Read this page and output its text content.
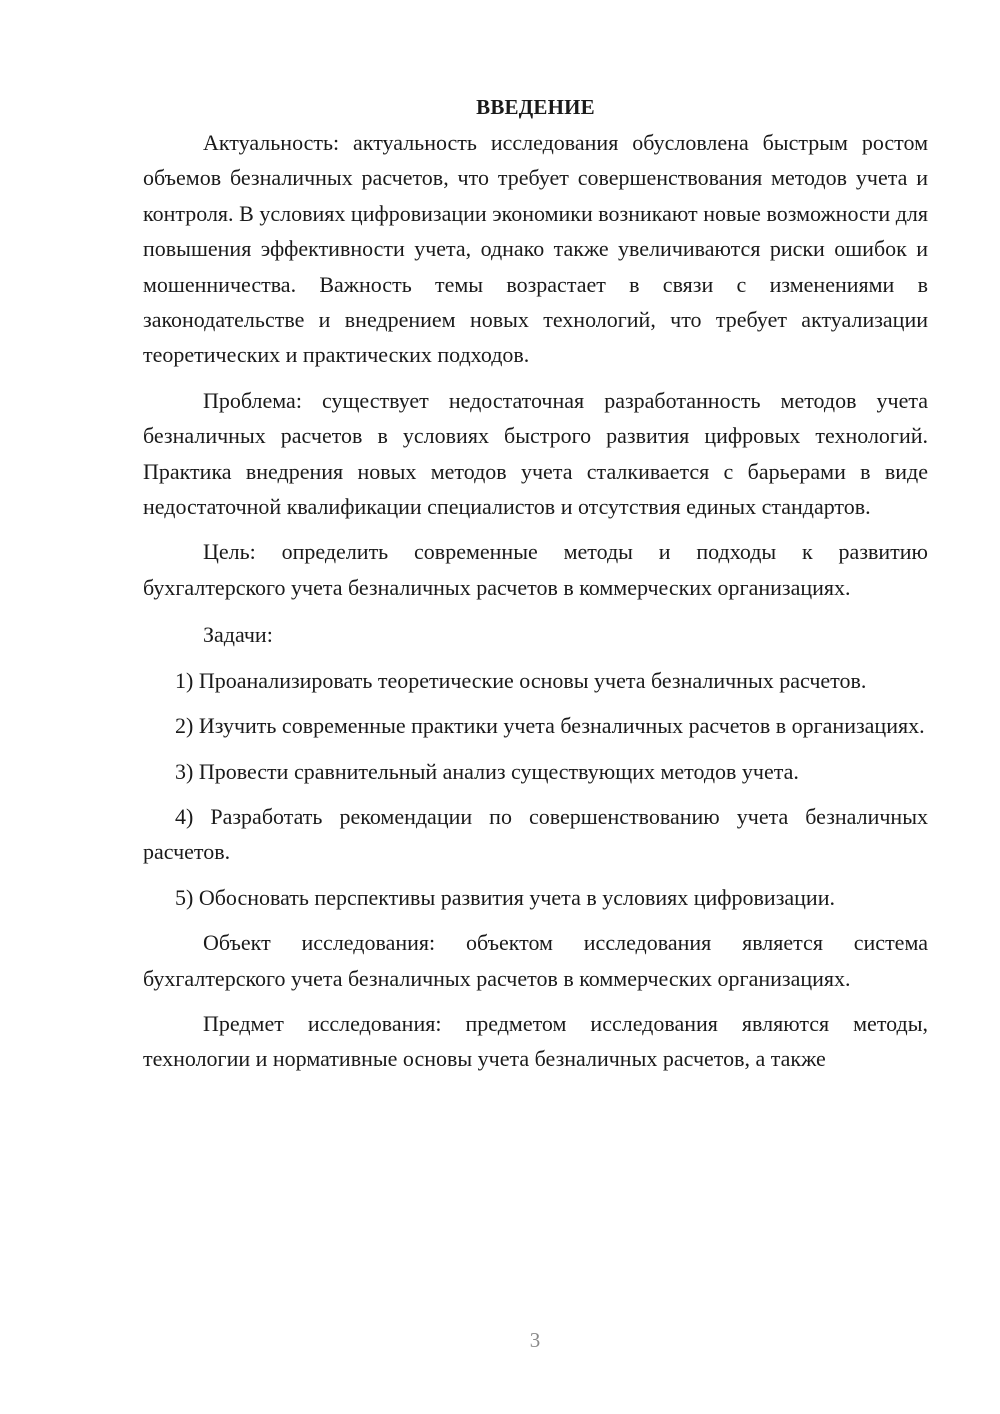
ВВЕДЕНИЕ

Актуальность: актуальность исследования обусловлена быстрым ростом объемов безналичных расчетов, что требует совершенствования методов учета и контроля. В условиях цифровизации экономики возникают новые возможности для повышения эффективности учета, однако также увеличиваются риски ошибок и мошенничества. Важность темы возрастает в связи с изменениями в законодательстве и внедрением новых технологий, что требует актуализации теоретических и практических подходов.

Проблема: существует недостаточная разработанность методов учета безналичных расчетов в условиях быстрого развития цифровых технологий. Практика внедрения новых методов учета сталкивается с барьерами в виде недостаточной квалификации специалистов и отсутствия единых стандартов.

Цель: определить современные методы и подходы к развитию бухгалтерского учета безналичных расчетов в коммерческих организациях.

Задачи:

1) Проанализировать теоретические основы учета безналичных расчетов.

2) Изучить современные практики учета безналичных расчетов в организациях.

3) Провести сравнительный анализ существующих методов учета.

4) Разработать рекомендации по совершенствованию учета безналичных расчетов.

5) Обосновать перспективы развития учета в условиях цифровизации.

Объект исследования: объектом исследования является система бухгалтерского учета безналичных расчетов в коммерческих организациях.

Предмет исследования: предметом исследования являются методы, технологии и нормативные основы учета безналичных расчетов, а также

3
